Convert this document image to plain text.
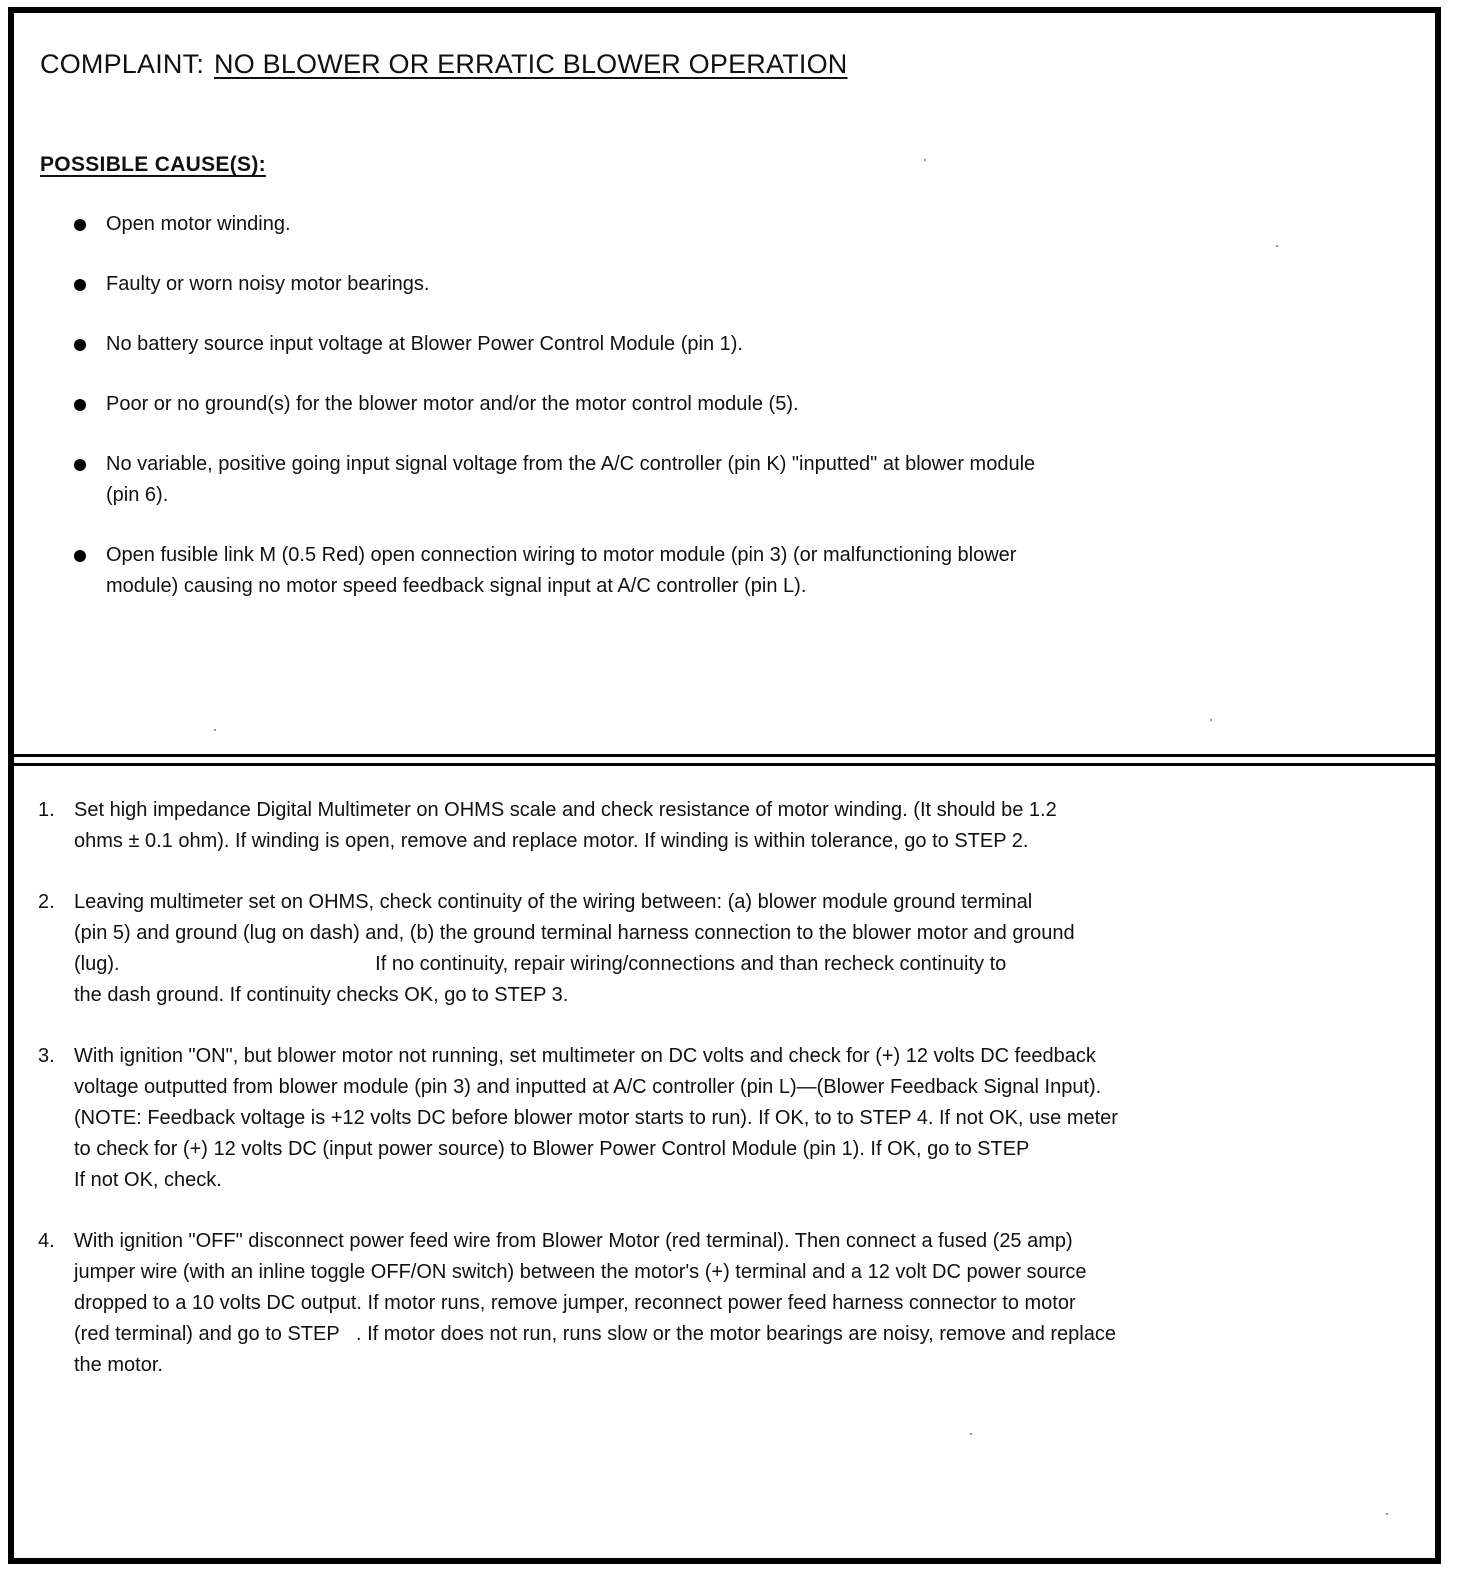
COMPLAINT: NO BLOWER OR ERRATIC BLOWER OPERATION
POSSIBLE CAUSE(S):
Open motor winding.
Faulty or worn noisy motor bearings.
No battery source input voltage at Blower Power Control Module (pin 1).
Poor or no ground(s) for the blower motor and/or the motor control module (5).
No variable, positive going input signal voltage from the A/C controller (pin K) "inputted" at blower module
(pin 6).
Open fusible link M (0.5 Red) open connection wiring to motor module (pin 3) (or malfunctioning blower
module) causing no motor speed feedback signal input at A/C controller (pin L).
1. Set high impedance Digital Multimeter on OHMS scale and check resistance of motor winding. (It should be 1.2
ohms ± 0.1 ohm). If winding is open, remove and replace motor. If winding is within tolerance, go to STEP 2.
2. Leaving multimeter set on OHMS, check continuity of the wiring between: (a) blower module ground terminal
(pin 5) and ground (lug on dash) and, (b) the ground terminal harness connection to the blower motor and ground
(lug).                                              If no continuity, repair wiring/connections and than recheck continuity to
the dash ground. If continuity checks OK, go to STEP 3.
3. With ignition "ON", but blower motor not running, set multimeter on DC volts and check for (+) 12 volts DC feedback
voltage outputted from blower module (pin 3) and inputted at A/C controller (pin L)—(Blower Feedback Signal Input).
(NOTE: Feedback voltage is +12 volts DC before blower motor starts to run). If OK, to to STEP 4. If not OK, use meter
to check for (+) 12 volts DC (input power source) to Blower Power Control Module (pin 1). If OK, go to STEP
If not OK, check.
4. With ignition "OFF" disconnect power feed wire from Blower Motor (red terminal). Then connect a fused (25 amp)
jumper wire (with an inline toggle OFF/ON switch) between the motor's (+) terminal and a 12 volt DC power source
dropped to a 10 volts DC output. If motor runs, remove jumper, reconnect power feed harness connector to motor
(red terminal) and go to STEP   . If motor does not run, runs slow or the motor bearings are noisy, remove and replace
the motor.
